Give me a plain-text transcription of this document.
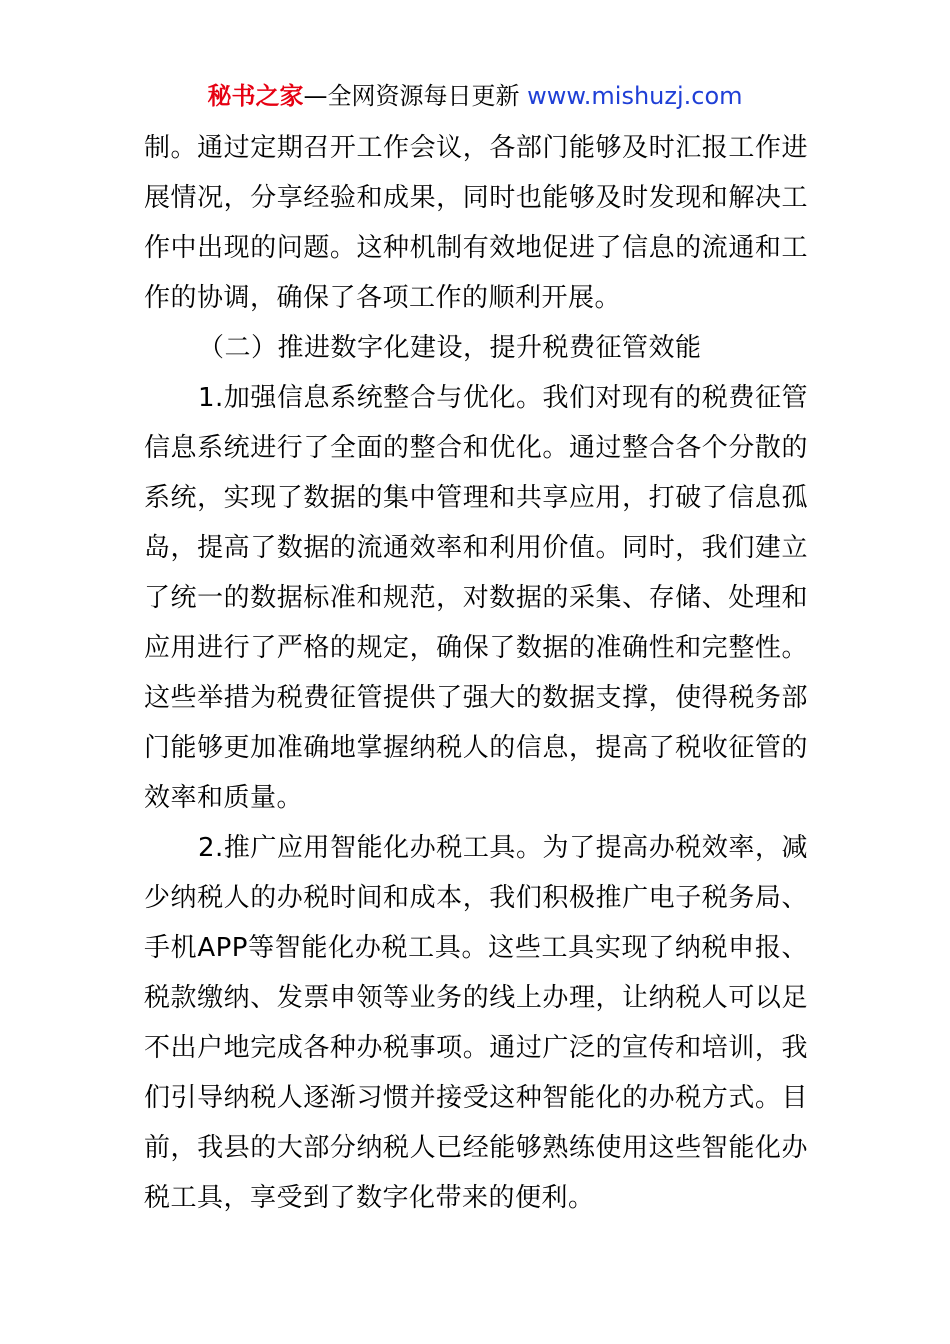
秘书之家—全网资源每日更新 www.mishuzj.com

制。通过定期召开工作会议，各部门能够及时汇报工作进展情况，分享经验和成果，同时也能够及时发现和解决工作中出现的问题。这种机制有效地促进了信息的流通和工作的协调，确保了各项工作的顺利开展。

（二）推进数字化建设，提升税费征管效能

1.加强信息系统整合与优化。我们对现有的税费征管信息系统进行了全面的整合和优化。通过整合各个分散的系统，实现了数据的集中管理和共享应用，打破了信息孤岛，提高了数据的流通效率和利用价值。同时，我们建立了统一的数据标准和规范，对数据的采集、存储、处理和应用进行了严格的规定，确保了数据的准确性和完整性。这些举措为税费征管提供了强大的数据支撑，使得税务部门能够更加准确地掌握纳税人的信息，提高了税收征管的效率和质量。

2.推广应用智能化办税工具。为了提高办税效率，减少纳税人的办税时间和成本，我们积极推广电子税务局、手机APP等智能化办税工具。这些工具实现了纳税申报、税款缴纳、发票申领等业务的线上办理，让纳税人可以足不出户地完成各种办税事项。通过广泛的宣传和培训，我们引导纳税人逐渐习惯并接受这种智能化的办税方式。目前，我县的大部分纳税人已经能够熟练使用这些智能化办税工具，享受到了数字化带来的便利。
